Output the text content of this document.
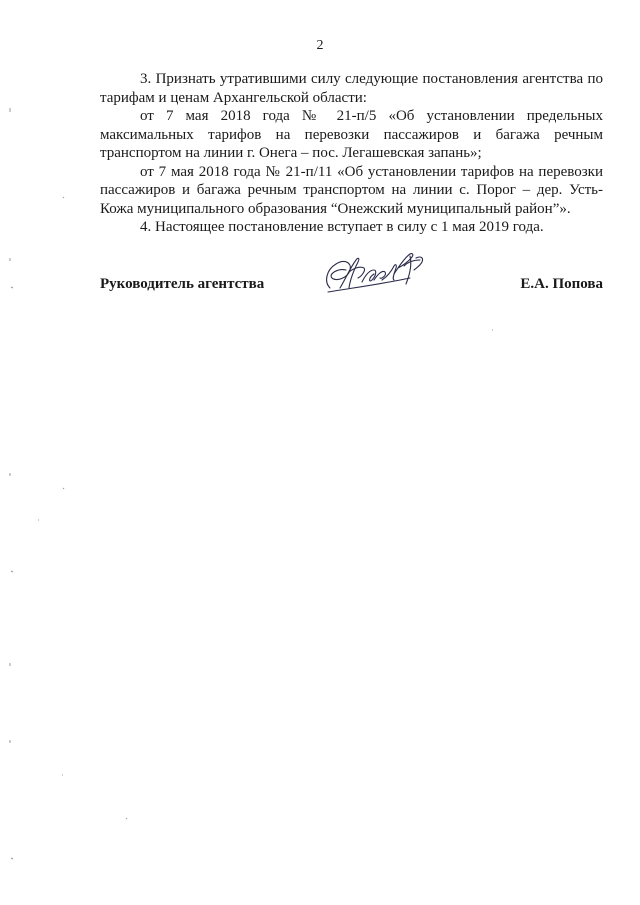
2

3. Признать утратившими силу следующие постановления агентства по тарифам и ценам Архангельской области:

от 7 мая 2018 года № 21-п/5 «Об установлении предельных максимальных тарифов на перевозки пассажиров и багажа речным транспортом на линии г. Онега – пос. Легашевская запань»;

от 7 мая 2018 года № 21-п/11 «Об установлении тарифов на перевозки пассажиров и багажа речным транспортом на линии с. Порог – дер. Усть-Кожа муниципального образования “Онежский муниципальный район”».

4. Настоящее постановление вступает в силу с 1 мая 2019 года.

Руководитель агентства	Е.А. Попова
